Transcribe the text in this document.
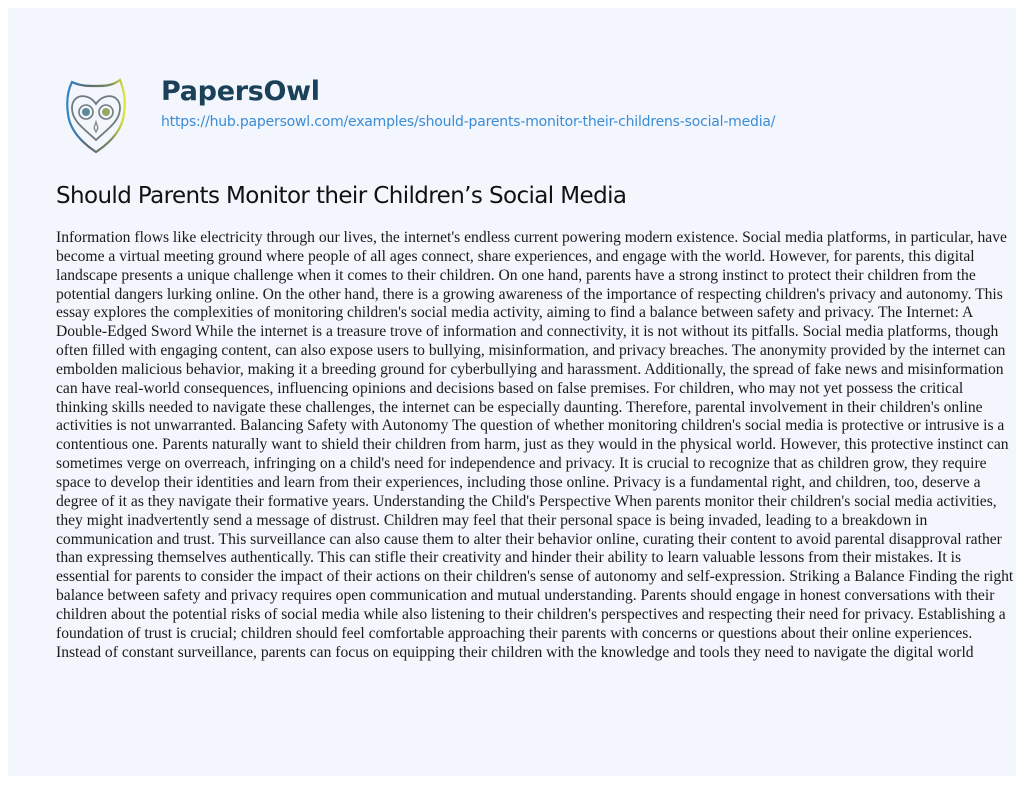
PapersOwl
https://hub.papersowl.com/examples/should-parents-monitor-their-childrens-social-media/
Should Parents Monitor their Children’s Social Media

Information flows like electricity through our lives, the internet's endless current powering modern existence. Social media platforms, in particular, have become a virtual meeting ground where people of all ages connect, share experiences, and engage with the world. However, for parents, this digital landscape presents a unique challenge when it comes to their children. On one hand, parents have a strong instinct to protect their children from the potential dangers lurking online. On the other hand, there is a growing awareness of the importance of respecting children's privacy and autonomy. This essay explores the complexities of monitoring children's social media activity, aiming to find a balance between safety and privacy. The Internet: A Double-Edged Sword While the internet is a treasure trove of information and connectivity, it is not without its pitfalls. Social media platforms, though often filled with engaging content, can also expose users to bullying, misinformation, and privacy breaches. The anonymity provided by the internet can embolden malicious behavior, making it a breeding ground for cyberbullying and harassment. Additionally, the spread of fake news and misinformation can have real-world consequences, influencing opinions and decisions based on false premises. For children, who may not yet possess the critical thinking skills needed to navigate these challenges, the internet can be especially daunting. Therefore, parental involvement in their children's online activities is not unwarranted. Balancing Safety with Autonomy The question of whether monitoring children's social media is protective or intrusive is a contentious one. Parents naturally want to shield their children from harm, just as they would in the physical world. However, this protective instinct can sometimes verge on overreach, infringing on a child's need for independence and privacy. It is crucial to recognize that as children grow, they require space to develop their identities and learn from their experiences, including those online. Privacy is a fundamental right, and children, too, deserve a degree of it as they navigate their formative years. Understanding the Child's Perspective When parents monitor their children's social media activities, they might inadvertently send a message of distrust. Children may feel that their personal space is being invaded, leading to a breakdown in communication and trust. This surveillance can also cause them to alter their behavior online, curating their content to avoid parental disapproval rather than expressing themselves authentically. This can stifle their creativity and hinder their ability to learn valuable lessons from their mistakes. It is essential for parents to consider the impact of their actions on their children's sense of autonomy and self-expression. Striking a Balance Finding the right balance between safety and privacy requires open communication and mutual understanding. Parents should engage in honest conversations with their children about the potential risks of social media while also listening to their children's perspectives and respecting their need for privacy. Establishing a foundation of trust is crucial; children should feel comfortable approaching their parents with concerns or questions about their online experiences. Instead of constant surveillance, parents can focus on equipping their children with the knowledge and tools they need to navigate the digital world
